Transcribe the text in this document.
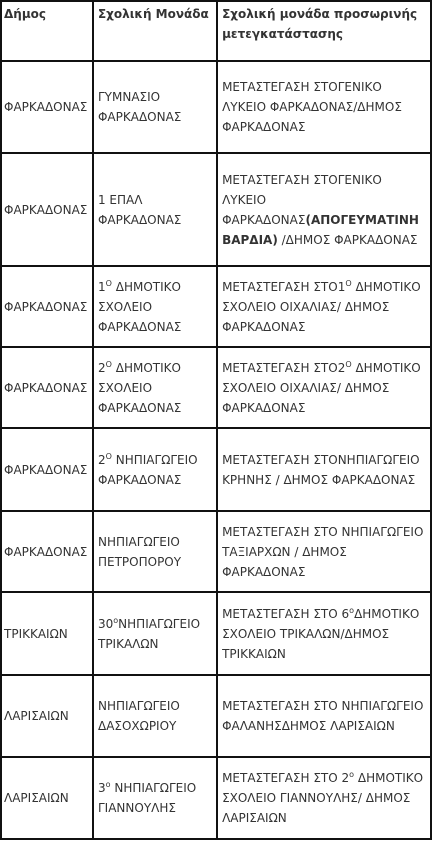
Δήμος	Σχολική Μονάδα	Σχολική μονάδα προσωρινής μετεγκατάστασης
ΦΑΡΚΑΔΟΝΑΣ	ΓΥΜΝΑΣΙΟ ΦΑΡΚΑΔΟΝΑΣ	ΜΕΤΑΣΤΕΓΑΣΗ ΣΤΟΓΕΝΙΚΟ ΛΥΚΕΙΟ ΦΑΡΚΑΔΟΝΑΣ/ΔΗΜΟΣ ΦΑΡΚΑΔΟΝΑΣ
ΦΑΡΚΑΔΟΝΑΣ	1 ΕΠΑΛ ΦΑΡΚΑΔΟΝΑΣ	ΜΕΤΑΣΤΕΓΑΣΗ ΣΤΟΓΕΝΙΚΟ ΛΥΚΕΙΟ ΦΑΡΚΑΔΟΝΑΣ(ΑΠΟΓΕΥΜΑΤΙΝΗ ΒΑΡΔΙΑ) /ΔΗΜΟΣ ΦΑΡΚΑΔΟΝΑΣ
ΦΑΡΚΑΔΟΝΑΣ	$1^O$ ΔΗΜΟΤΙΚΟ ΣΧΟΛΕΙΟ ΦΑΡΚΑΔΟΝΑΣ	ΜΕΤΑΣΤΕΓΑΣΗ $\Sigma TO1^O$ ΔΗΜΟΤΙΚΟ ΣΧΟΛΕΙΟ ΟΙΧΑΛΙΑΣ/ ΔΗΜΟΣ ΦΑΡΚΑΔΟΝΑΣ
ΦΑΡΚΑΔΟΝΑΣ	$2^O$ ΔΗΜΟΤΙΚΟ ΣΧΟΛΕΙΟ ΦΑΡΚΑΔΟΝΑΣ	ΜΕΤΑΣΤΕΓΑΣΗ $\Sigma TO2^O$ ΔΗΜΟΤΙΚΟ ΣΧΟΛΕΙΟ ΟΙΧΑΛΙΑΣ/ ΔΗΜΟΣ ΦΑΡΚΑΔΟΝΑΣ
ΦΑΡΚΑΔΟΝΑΣ	$2^O$ ΝΗΠΙΑΓΩΓΕΙΟ ΦΑΡΚΑΔΟΝΑΣ	ΜΕΤΑΣΤΕΓΑΣΗ ΣΤΟΝΗΠΙΑΓΩΓΕΙΟ ΚΡΗΝΗΣ / ΔΗΜΟΣ ΦΑΡΚΑΔΟΝΑΣ
ΦΑΡΚΑΔΟΝΑΣ	ΝΗΠΙΑΓΩΓΕΙΟ ΠΕΤΡΟΠΟΡΟΥ	ΜΕΤΑΣΤΕΓΑΣΗ ΣΤΟ ΝΗΠΙΑΓΩΓΕΙΟ ΤΑΞΙΑΡΧΩΝ / ΔΗΜΟΣ ΦΑΡΚΑΔΟΝΑΣ
ΤΡΙΚΚΑΙΩΝ	$30^oNH\Pi IA\Gamma\Omega\Gamma EIO$ ΤΡΙΚΑΛΩΝ	ΜΕΤΑΣΤΕΓΑΣΗ ΣΤΟ $6^o\Delta HMOTIKO$ ΣΧΟΛΕΙΟ ΤΡΙΚΑΛΩΝ/ΔΗΜΟΣ ΤΡΙΚΚΑΙΩΝ
ΛΑΡΙΣΑΙΩΝ	ΝΗΠΙΑΓΩΓΕΙΟ ΔΑΣΟΧΩΡΙΟΥ	ΜΕΤΑΣΤΕΓΑΣΗ ΣΤΟ ΝΗΠΙΑΓΩΓΕΙΟ ΦΑΛΑΝΗΣΔΗΜΟΣ ΛΑΡΙΣΑΙΩΝ
ΛΑΡΙΣΑΙΩΝ	$3^o$ ΝΗΠΙΑΓΩΓΕΙΟ ΓΙΑΝΝΟΥΛΗΣ	ΜΕΤΑΣΤΕΓΑΣΗ ΣΤΟ $2^o$ ΔΗΜΟΤΙΚΟ ΣΧΟΛΕΙΟ ΓΙΑΝΝΟΥΛΗΣ/ ΔΗΜΟΣ ΛΑΡΙΣΑΙΩΝ
